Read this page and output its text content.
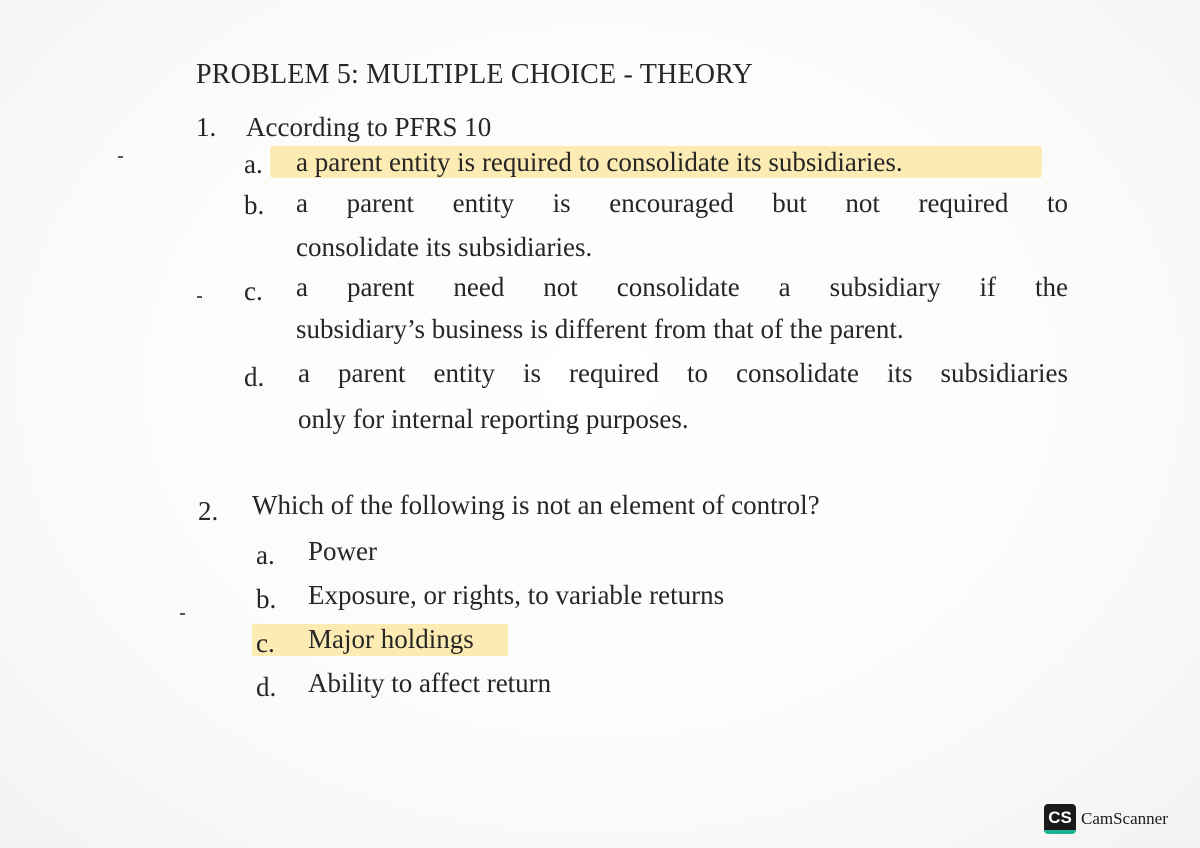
PROBLEM 5: MULTIPLE CHOICE - THEORY
1. According to PFRS 10
a. a parent entity is required to consolidate its subsidiaries.
b. a parent entity is encouraged but not required to
consolidate its subsidiaries.
c. a parent need not consolidate a subsidiary if the
subsidiary’s business is different from that of the parent.
d. a parent entity is required to consolidate its subsidiaries
only for internal reporting purposes.
2. Which of the following is not an element of control?
a. Power
b. Exposure, or rights, to variable returns
c. Major holdings
d. Ability to affect return
CS CamScanner
